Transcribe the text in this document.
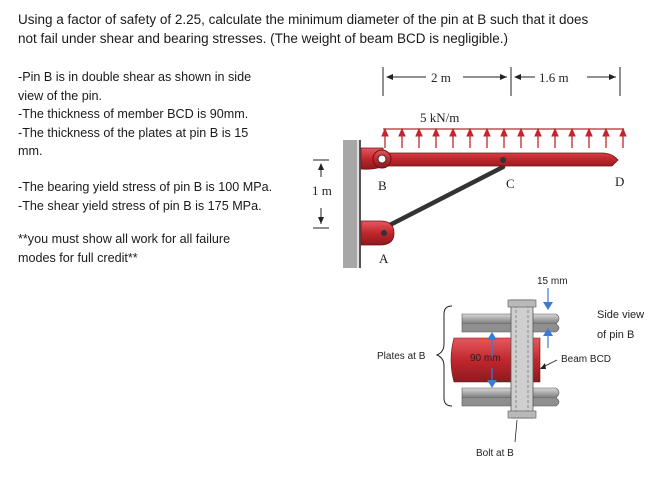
Using a factor of safety of 2.25, calculate the minimum diameter of the pin at B such that it does
not fail under shear and bearing stresses. (The weight of beam BCD is negligible.)
-Pin B is in double shear as shown in side
view of the pin.
-The thickness of member BCD is 90mm.
-The thickness of the plates at pin B is 15
mm.
-The bearing yield stress of pin B is 100 MPa.
-The shear yield stress of pin B is 175 MPa.
**you must show all work for all failure
modes for full credit**
2 m	1.6 m
5 kN/m
1 m	B	C	D
A
15 mm
Side view
of pin B
Plates at B	90 mm	Beam BCD
Bolt at B
